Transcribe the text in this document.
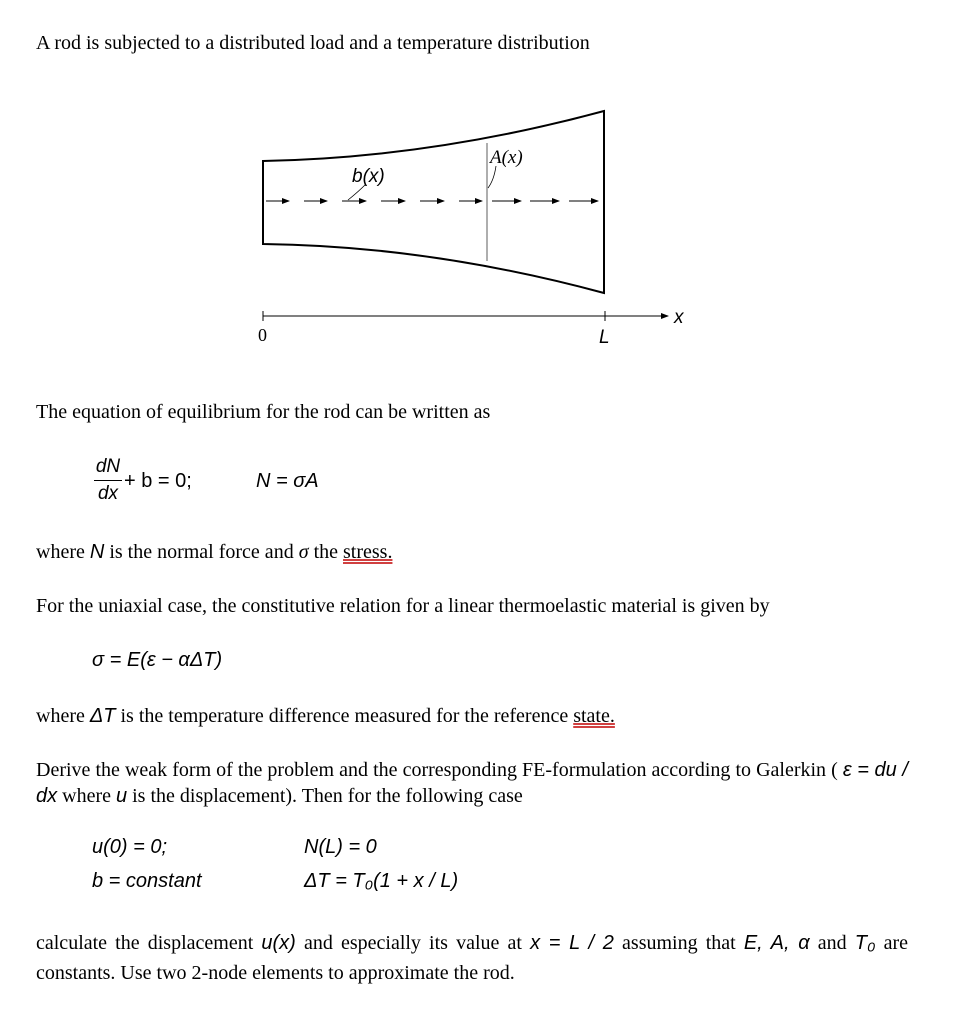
A rod is subjected to a distributed load and a temperature distribution
b(x)
A(x)
x
0	L
The equation of equilibrium for the rod can be written as
dN
dx
+ b = 0;	N = σA
where N is the normal force and σ the stress.
For the uniaxial case, the constitutive relation for a linear thermoelastic material is given by
σ = E(ε − αΔT)
where ΔT is the temperature difference measured for the reference state.
Derive the weak form of the problem and the corresponding FE-formulation according to Galerkin ( ε = du / dx where u is the displacement). Then for the following case
u(0) = 0;	N(L) = 0
b = constant	ΔT = T₀(1 + x / L)
calculate the displacement u(x) and especially its value at x = L / 2 assuming that E, A, α and T₀ are constants. Use two 2-node elements to approximate the rod.
